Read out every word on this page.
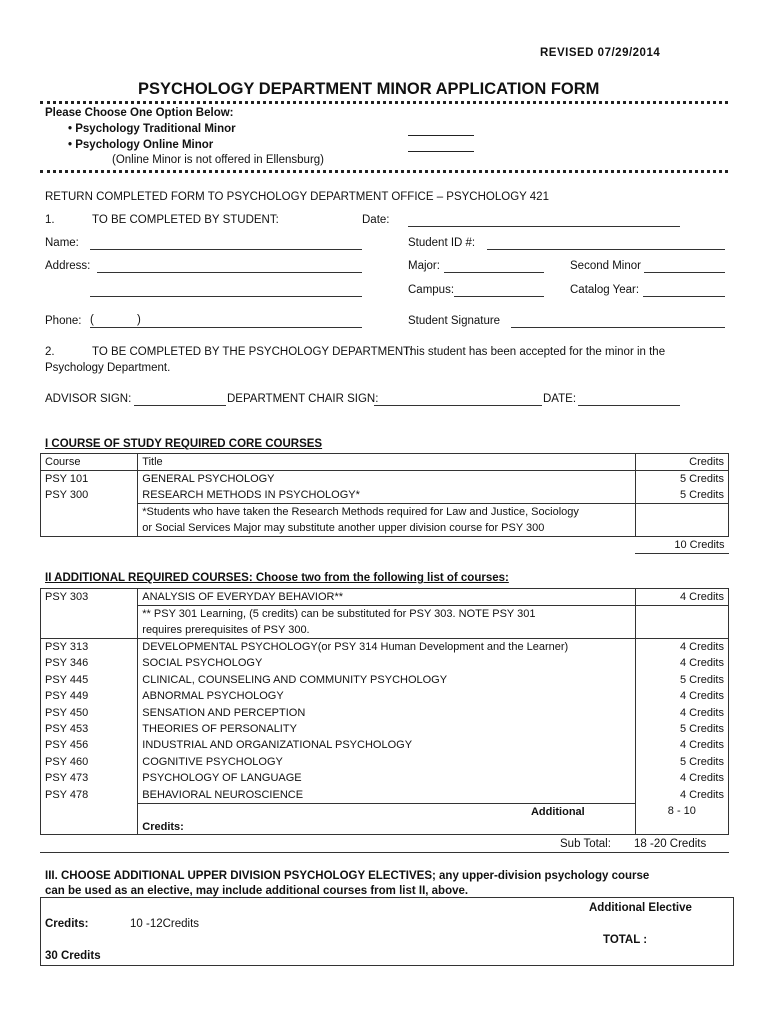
REVISED 07/29/2014
PSYCHOLOGY DEPARTMENT MINOR APPLICATION FORM
Please Choose One Option Below:
• Psychology Traditional Minor
• Psychology Online Minor
(Online Minor is not offered in Ellensburg)
RETURN COMPLETED FORM TO PSYCHOLOGY DEPARTMENT OFFICE – PSYCHOLOGY 421
1.	TO BE COMPLETED BY STUDENT:	Date:
Name:	Student ID #:
Address:	Major:	Second Minor
Campus:	Catalog Year:
Phone: (	)	Student Signature
2.	TO BE COMPLETED BY THE PSYCHOLOGY DEPARTMENT:
This student has been accepted for the minor in the
Psychology Department.
ADVISOR SIGN:	DEPARTMENT CHAIR SIGN:	DATE:
I COURSE OF STUDY REQUIRED CORE COURSES
Course	Title	Credits
PSY 101	GENERAL PSYCHOLOGY	5 Credits
PSY 300	RESEARCH METHODS IN PSYCHOLOGY*	5 Credits
	*Students who have taken the Research Methods required for Law and Justice, Sociology
or Social Services Major may substitute another upper division course for PSY 300	
		10 Credits
II ADDITIONAL REQUIRED COURSES: Choose two from the following list of courses:
PSY 303	ANALYSIS OF EVERYDAY BEHAVIOR**	4 Credits
	** PSY 301 Learning, (5 credits) can be substituted for PSY 303. NOTE PSY 301
requires prerequisites of PSY 300.	
PSY 313	DEVELOPMENTAL PSYCHOLOGY(or PSY 314 Human Development and the Learner)	4 Credits
PSY 346	SOCIAL PSYCHOLOGY	4 Credits
PSY 445	CLINICAL, COUNSELING AND COMMUNITY PSYCHOLOGY	5 Credits
PSY 449	ABNORMAL PSYCHOLOGY	4 Credits
PSY 450	SENSATION AND PERCEPTION	4 Credits
PSY 453	THEORIES OF PERSONALITY	5 Credits
PSY 456	INDUSTRIAL AND ORGANIZATIONAL PSYCHOLOGY	4 Credits
PSY 460	COGNITIVE PSYCHOLOGY	5 Credits
PSY 473	PSYCHOLOGY OF LANGUAGE	4 Credits
PSY 478	BEHAVIORAL NEUROSCIENCE	4 Credits

	Additional
Credits:	8 - 10
Sub Total: 18 -20 Credits
III. CHOOSE ADDITIONAL UPPER DIVISION PSYCHOLOGY ELECTIVES; any upper-division psychology course
can be used as an elective, may include additional courses from list II, above.
Additional Elective
Credits:	10 -12Credits
TOTAL :
30 Credits
